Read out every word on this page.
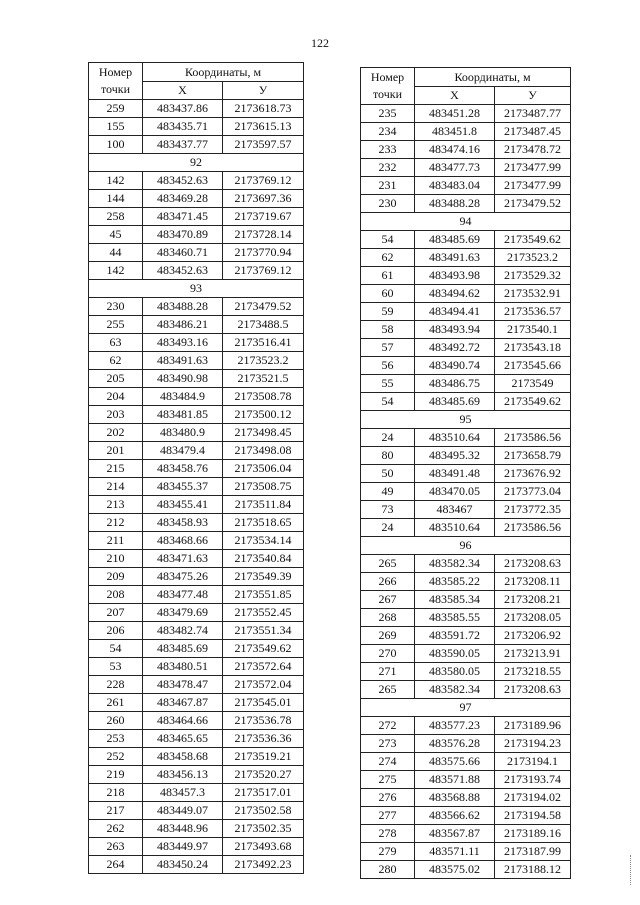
122
Номер
точки	Координаты, м	
	Х	У
259	483437.86	2173618.73
155	483435.71	2173615.13
100	483437.77	2173597.57
92		
142	483452.63	2173769.12
144	483469.28	2173697.36
258	483471.45	2173719.67
45	483470.89	2173728.14
44	483460.71	2173770.94
142	483452.63	2173769.12
93		
230	483488.28	2173479.52
255	483486.21	2173488.5
63	483493.16	2173516.41
62	483491.63	2173523.2
205	483490.98	2173521.5
204	483484.9	2173508.78
203	483481.85	2173500.12
202	483480.9	2173498.45
201	483479.4	2173498.08
215	483458.76	2173506.04
214	483455.37	2173508.75
213	483455.41	2173511.84
212	483458.93	2173518.65
211	483468.66	2173534.14
210	483471.63	2173540.84
209	483475.26	2173549.39
208	483477.48	2173551.85
207	483479.69	2173552.45
206	483482.74	2173551.34
54	483485.69	2173549.62
53	483480.51	2173572.64
228	483478.47	2173572.04
261	483467.87	2173545.01
260	483464.66	2173536.78
253	483465.65	2173536.36
252	483458.68	2173519.21
219	483456.13	2173520.27
218	483457.3	2173517.01
217	483449.07	2173502.58
262	483448.96	2173502.35
263	483449.97	2173493.68
264	483450.24	2173492.23
Номер
точки	Координаты, м	
	Х	У
235	483451.28	2173487.77
234	483451.8	2173487.45
233	483474.16	2173478.72
232	483477.73	2173477.99
231	483483.04	2173477.99
230	483488.28	2173479.52
94		
54	483485.69	2173549.62
62	483491.63	2173523.2
61	483493.98	2173529.32
60	483494.62	2173532.91
59	483494.41	2173536.57
58	483493.94	2173540.1
57	483492.72	2173543.18
56	483490.74	2173545.66
55	483486.75	2173549
54	483485.69	2173549.62
95		
24	483510.64	2173586.56
80	483495.32	2173658.79
50	483491.48	2173676.92
49	483470.05	2173773.04
73	483467	2173772.35
24	483510.64	2173586.56
96		
265	483582.34	2173208.63
266	483585.22	2173208.11
267	483585.34	2173208.21
268	483585.55	2173208.05
269	483591.72	2173206.92
270	483590.05	2173213.91
271	483580.05	2173218.55
265	483582.34	2173208.63
97		
272	483577.23	2173189.96
273	483576.28	2173194.23
274	483575.66	2173194.1
275	483571.88	2173193.74
276	483568.88	2173194.02
277	483566.62	2173194.58
278	483567.87	2173189.16
279	483571.11	2173187.99
280	483575.02	2173188.12
